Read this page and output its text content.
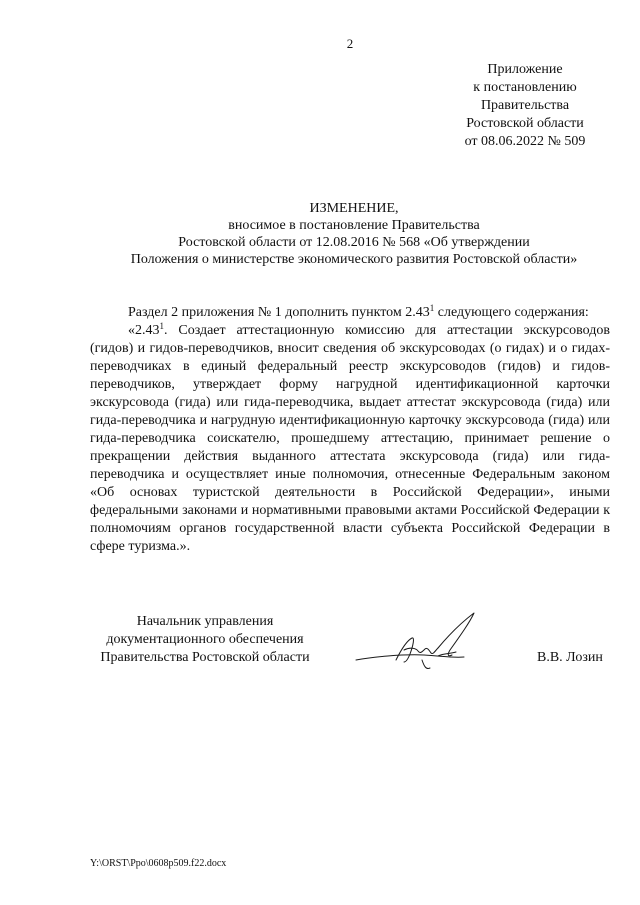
2
Приложение
к постановлению
Правительства
Ростовской области
от 08.06.2022 № 509
ИЗМЕНЕНИЕ,
вносимое в постановление Правительства
Ростовской области от 12.08.2016 № 568 «Об утверждении
Положения о министерстве экономического развития Ростовской области»

Раздел 2 приложения № 1 дополнить пунктом 2.43$^1$ следующего содержания:

«2.43$^1$. Создает аттестационную комиссию для аттестации экскурсоводов (гидов) и гидов-переводчиков, вносит сведения об экскурсоводах (о гидах) и о гидах-переводчиках в единый федеральный реестр экскурсоводов (гидов) и гидов-переводчиков, утверждает форму нагрудной идентификационной карточки экскурсовода (гида) или гида-переводчика, выдает аттестат экскурсовода (гида) или гида-переводчика и нагрудную идентификационную карточку экскурсовода (гида) или гида-переводчика соискателю, прошедшему аттестацию, принимает решение о прекращении действия выданного аттестата экскурсовода (гида) или гида-переводчика и осуществляет иные полномочия, отнесенные Федеральным законом «Об основах туристской деятельности в Российской Федерации», иными федеральными законами и нормативными правовыми актами Российской Федерации к полномочиям органов государственной власти субъекта Российской Федерации в сфере туризма.».

Начальник управления
документационного обеспечения
Правительства Ростовской области	В.В. Лозин
Y:\ORST\Ppo\0608p509.f22.docx
